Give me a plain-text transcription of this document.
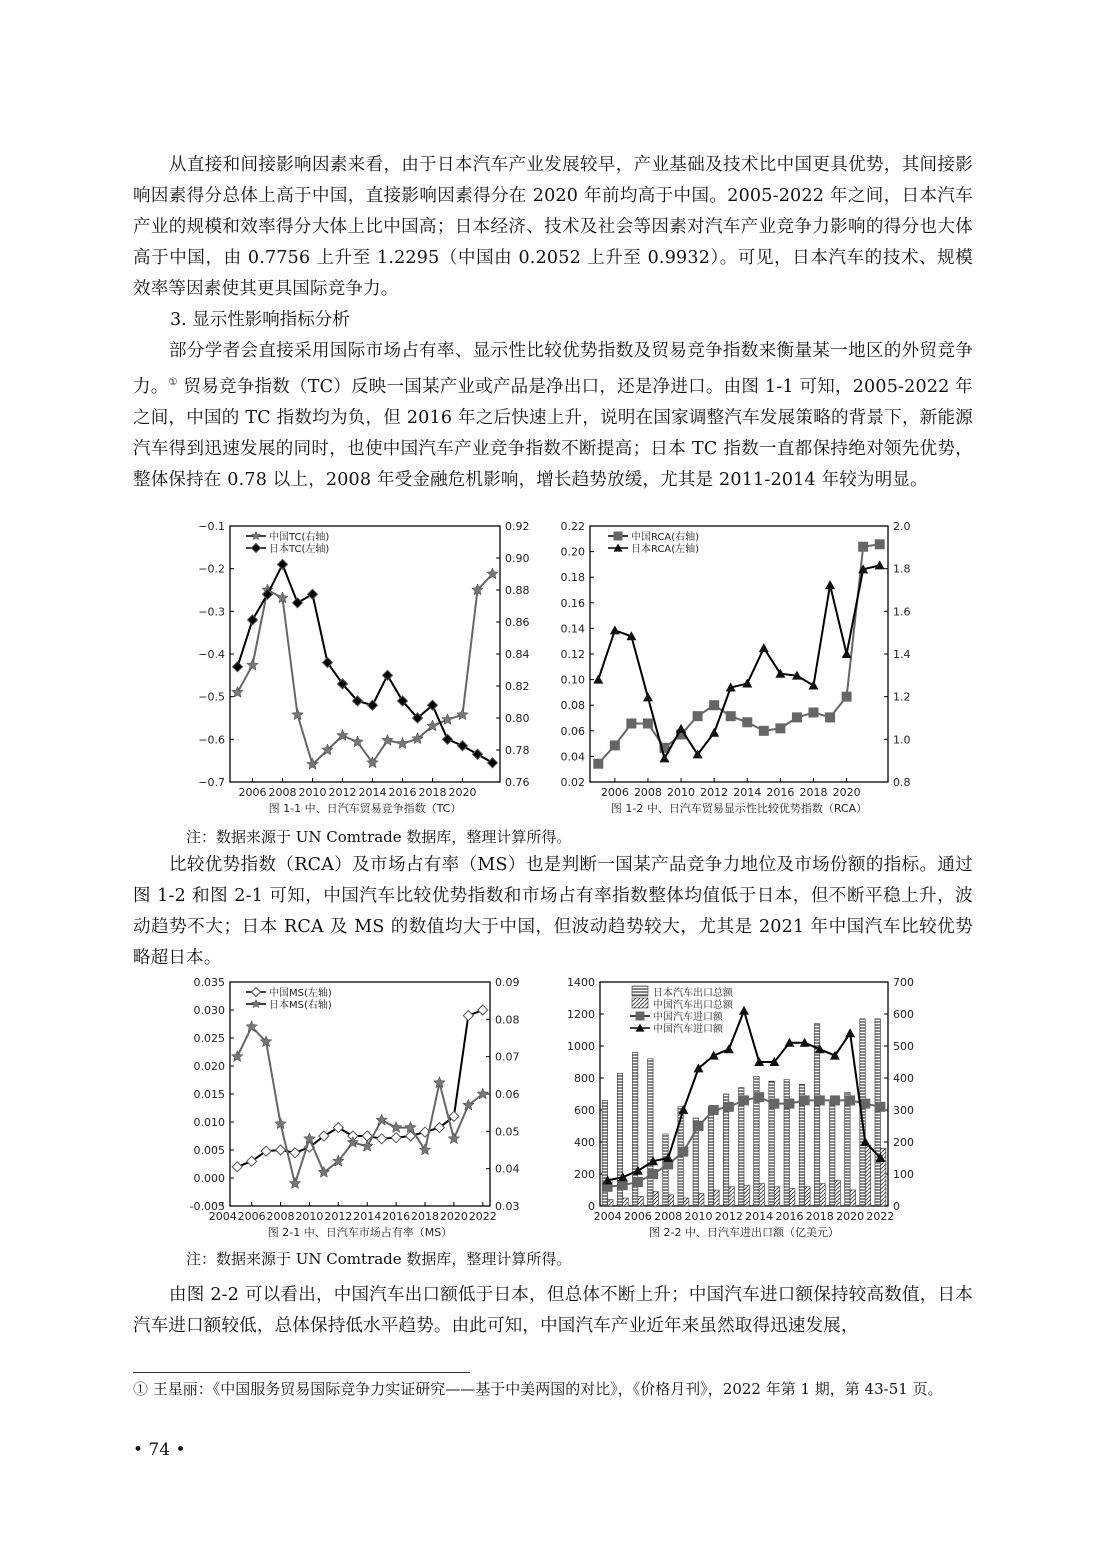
从直接和间接影响因素来看，由于日本汽车产业发展较早，产业基础及技术比中国更具优势，其间接影响因素得分总体上高于中国，直接影响因素得分在 2020 年前均高于中国。2005-2022 年之间，日本汽车产业的规模和效率得分大体上比中国高；日本经济、技术及社会等因素对汽车产业竞争力影响的得分也大体高于中国，由 0.7756 上升至 1.2295（中国由 0.2052 上升至 0.9932）。可见，日本汽车的技术、规模效率等因素使其更具国际竞争力。
3. 显示性影响指标分析
部分学者会直接采用国际市场占有率、显示性比较优势指数及贸易竞争指数来衡量某一地区的外贸竞争力。① 贸易竞争指数（TC）反映一国某产业或产品是净出口，还是净进口。由图 1-1 可知，2005-2022 年之间，中国的 TC 指数均为负，但 2016 年之后快速上升，说明在国家调整汽车发展策略的背景下，新能源汽车得到迅速发展的同时，也使中国汽车产业竞争指数不断提高；日本 TC 指数一直都保持绝对领先优势，整体保持在 0.78 以上，2008 年受金融危机影响，增长趋势放缓，尤其是 2011-2014 年较为明显。
−0.1
−0.2
−0.3
−0.4
−0.5
−0.6
−0.7
0.92
0.90
0.88
0.86
0.84
0.82
0.80
0.78
0.76
2006 2008 2010 2012 2014 2016 2018 2020
中国TC(右轴)
日本TC(左轴)
图 1-1 中、日汽车贸易竞争指数（TC）
0.22
0.20
0.18
0.16
0.14
0.12
0.10
0.08
0.06
0.04
0.02
2.0
1.8
1.6
1.4
1.2
1.0
0.8
2006 2008 2010 2012 2014 2016 2018 2020
中国RCA(右轴)
日本RCA(左轴)
图 1-2 中、日汽车贸易显示性比较优势指数（RCA）
注：数据来源于 UN Comtrade 数据库，整理计算所得。
比较优势指数（RCA）及市场占有率（MS）也是判断一国某产品竞争力地位及市场份额的指标。通过图 1-2 和图 2-1 可知，中国汽车比较优势指数和市场占有率指数整体均值低于日本，但不断平稳上升，波动趋势不大；日本 RCA 及 MS 的数值均大于中国，但波动趋势较大，尤其是 2021 年中国汽车比较优势略超日本。
0.035
0.030
0.025
0.020
0.015
0.010
0.005
0.000
-0.005
0.09
0.08
0.07
0.06
0.05
0.04
0.03
2004 2006 2008 2010 2012 2014 2016 2018 2020 2022
中国MS(左轴)
日本MS(右轴)
图 2-1 中、日汽车市场占有率（MS）
1400
1200
1000
800
600
400
200
0
700
600
500
400
300
200
100
0
2004 2006 2008 2010 2012 2014 2016 2018 2020 2022
日本汽车出口总额
中国汽车出口总额
中国汽车进口额
中国汽车进口额
图 2-2 中、日汽车进出口额（亿美元）
注：数据来源于 UN Comtrade 数据库，整理计算所得。
由图 2-2 可以看出，中国汽车出口额低于日本，但总体不断上升；中国汽车进口额保持较高数值，日本汽车进口额较低，总体保持低水平趋势。由此可知，中国汽车产业近年来虽然取得迅速发展，
① 王星丽：《中国服务贸易国际竞争力实证研究——基于中美两国的对比》，《价格月刊》，2022 年第 1 期，第 43-51 页。
• 74 •
